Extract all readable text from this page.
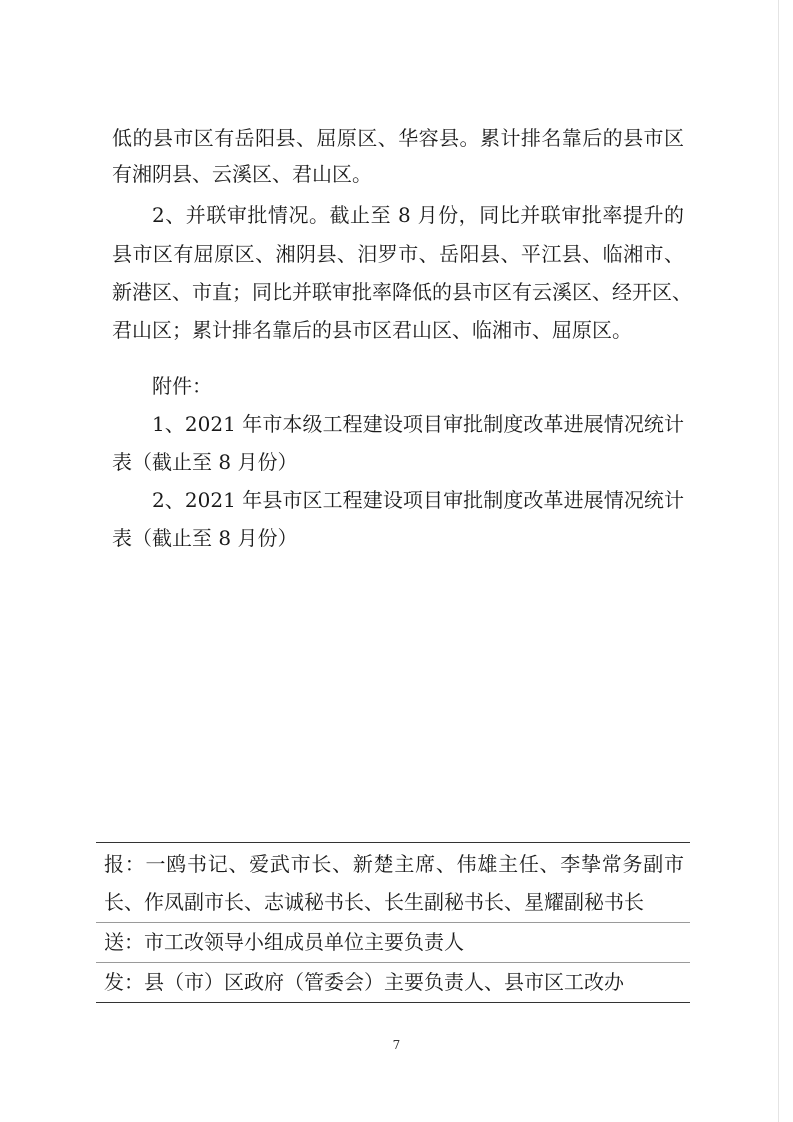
低的县市区有岳阳县、屈原区、华容县。累计排名靠后的县市区
有湘阴县、云溪区、君山区。
2、并联审批情况。截止至 8 月份，同比并联审批率提升的
县市区有屈原区、湘阴县、汨罗市、岳阳县、平江县、临湘市、
新港区、市直；同比并联审批率降低的县市区有云溪区、经开区、
君山区；累计排名靠后的县市区君山区、临湘市、屈原区。
附件：
1、2021 年市本级工程建设项目审批制度改革进展情况统计
表（截止至 8 月份）
2、2021 年县市区工程建设项目审批制度改革进展情况统计
表（截止至 8 月份）
报：一鸥书记、爱武市长、新楚主席、伟雄主任、李挚常务副市
长、作凤副市长、志诚秘书长、长生副秘书长、星耀副秘书长
送：市工改领导小组成员单位主要负责人
发：县（市）区政府（管委会）主要负责人、县市区工改办
7
